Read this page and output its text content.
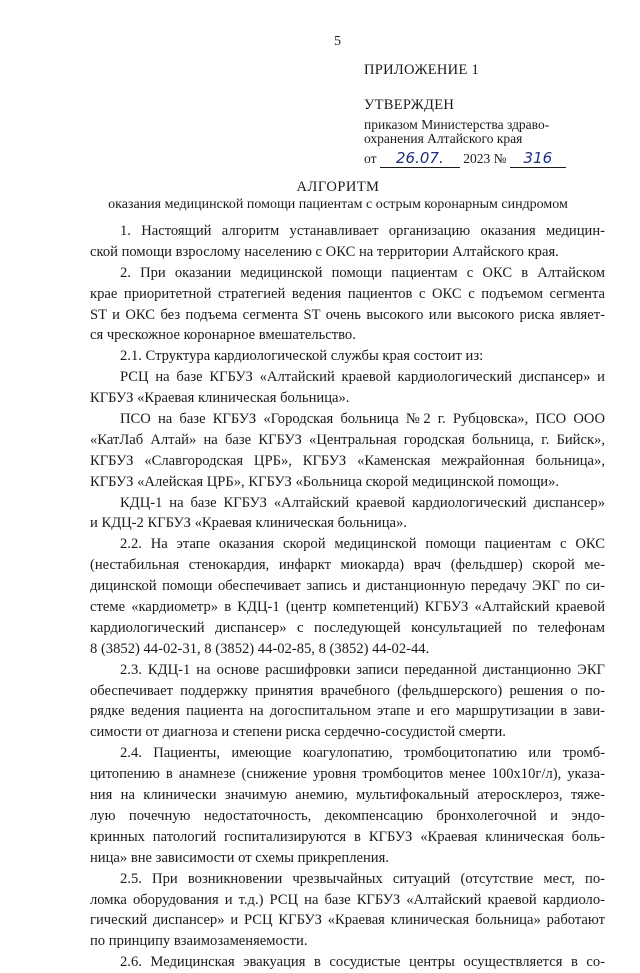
5
ПРИЛОЖЕНИЕ 1
УТВЕРЖДЕН
приказом Министерства здраво-
охранения Алтайского края
от 26.07. 2023 № 316
АЛГОРИТМ
оказания медицинской помощи пациентам с острым коронарным синдромом
1. Настоящий алгоритм устанавливает организацию оказания медицин-
ской помощи взрослому населению с ОКС на территории Алтайского края.
2. При оказании медицинской помощи пациентам с ОКС в Алтайском
крае приоритетной стратегией ведения пациентов с ОКС с подъемом сегмента
ST и ОКС без подъема сегмента ST очень высокого или высокого риска являет-
ся чрескожное коронарное вмешательство.
2.1. Структура кардиологической службы края состоит из:
РСЦ на базе КГБУЗ «Алтайский краевой кардиологический диспансер» и
КГБУЗ «Краевая клиническая больница».
ПСО на базе КГБУЗ «Городская больница №2 г. Рубцовска», ПСО ООО
«КатЛаб Алтай» на базе КГБУЗ «Центральная городская больница, г. Бийск»,
КГБУЗ «Славгородская ЦРБ», КГБУЗ «Каменская межрайонная больница»,
КГБУЗ «Алейская ЦРБ», КГБУЗ «Больница скорой медицинской помощи».
КДЦ-1 на базе КГБУЗ «Алтайский краевой кардиологический диспансер»
и КДЦ-2 КГБУЗ «Краевая клиническая больница».
2.2. На этапе оказания скорой медицинской помощи пациентам с ОКС
(нестабильная стенокардия, инфаркт миокарда) врач (фельдшер) скорой ме-
дицинской помощи обеспечивает запись и дистанционную передачу ЭКГ по си-
стеме «кардиометр» в КДЦ-1 (центр компетенций) КГБУЗ «Алтайский краевой
кардиологический диспансер» с последующей консультацией по телефонам
8 (3852) 44-02-31, 8 (3852) 44-02-85, 8 (3852) 44-02-44.
2.3. КДЦ-1 на основе расшифровки записи переданной дистанционно ЭКГ
обеспечивает поддержку принятия врачебного (фельдшерского) решения о по-
рядке ведения пациента на догоспитальном этапе и его маршрутизации в зави-
симости от диагноза и степени риска сердечно-сосудистой смерти.
2.4. Пациенты, имеющие коагулопатию, тромбоцитопатию или тромб-
цитопению в анамнезе (снижение уровня тромбоцитов менее 100х10г/л), указа-
ния на клинически значимую анемию, мультифокальный атеросклероз, тяже-
лую почечную недостаточность, декомпенсацию бронхолегочной и эндо-
кринных патологий госпитализируются в КГБУЗ «Краевая клиническая боль-
ница» вне зависимости от схемы прикрепления.
2.5. При возникновении чрезвычайных ситуаций (отсутствие мест, по-
ломка оборудования и т.д.) РСЦ на базе КГБУЗ «Алтайский краевой кардиоло-
гический диспансер» и РСЦ КГБУЗ «Краевая клиническая больница» работают
по принципу взаимозаменяемости.
2.6. Медицинская эвакуация в сосудистые центры осуществляется в со-
